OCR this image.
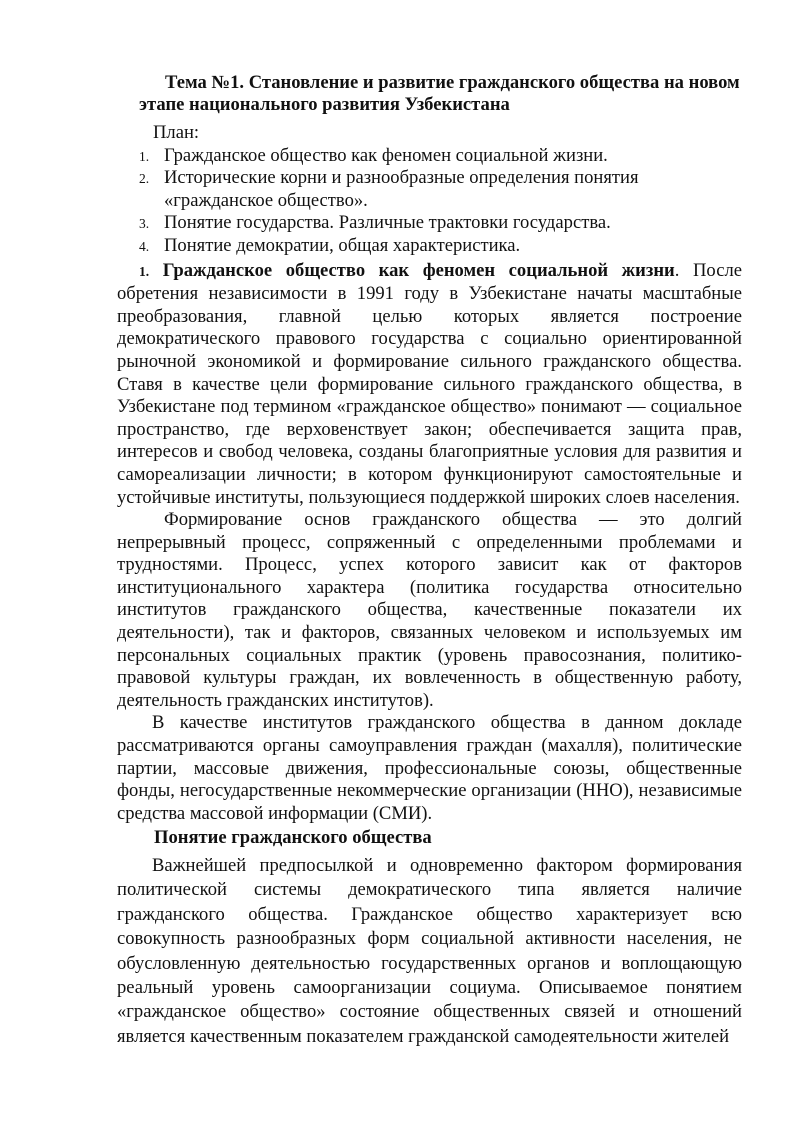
Тема №1. Становление и развитие гражданского общества на новом этапе национального развития Узбекистана

План:
1. Гражданское общество как феномен социальной жизни.
2. Исторические корни и разнообразные определения понятия «гражданское общество».
3. Понятие государства. Различные трактовки государства.
4. Понятие демократии, общая характеристика.

1. Гражданское общество как феномен социальной жизни. После обретения независимости в 1991 году в Узбекистане начаты масштабные преобразования, главной целью которых является построение демократического правового государства с социально ориентированной рыночной экономикой и формирование сильного гражданского общества. Ставя в качестве цели формирование сильного гражданского общества, в Узбекистане под термином «гражданское общество» понимают — социальное пространство, где верховенствует закон; обеспечивается защита прав, интересов и свобод человека, созданы благоприятные условия для развития и самореализации личности; в котором функционируют самостоятельные и устойчивые институты, пользующиеся поддержкой широких слоев населения.

Формирование основ гражданского общества — это долгий непрерывный процесс, сопряженный с определенными проблемами и трудностями. Процесс, успех которого зависит как от факторов институционального характера (политика государства относительно институтов гражданского общества, качественные показатели их деятельности), так и факторов, связанных человеком и используемых им персональных социальных практик (уровень правосознания, политико-правовой культуры граждан, их вовлеченность в общественную работу, деятельность гражданских институтов).

В качестве институтов гражданского общества в данном докладе рассматриваются органы самоуправления граждан (махалля), политические партии, массовые движения, профессиональные союзы, общественные фонды, негосударственные некоммерческие организации (ННО), независимые средства массовой информации (СМИ).

Понятие гражданского общества

Важнейшей предпосылкой и одновременно фактором формирования политической системы демократического типа является наличие гражданского общества. Гражданское общество характеризует всю совокупность разнообразных форм социальной активности населения, не обусловленную деятельностью государственных органов и воплощающую реальный уровень самоорганизации социума. Описываемое понятием «гражданское общество» состояние общественных связей и отношений является качественным показателем гражданской самодеятельности жителей
